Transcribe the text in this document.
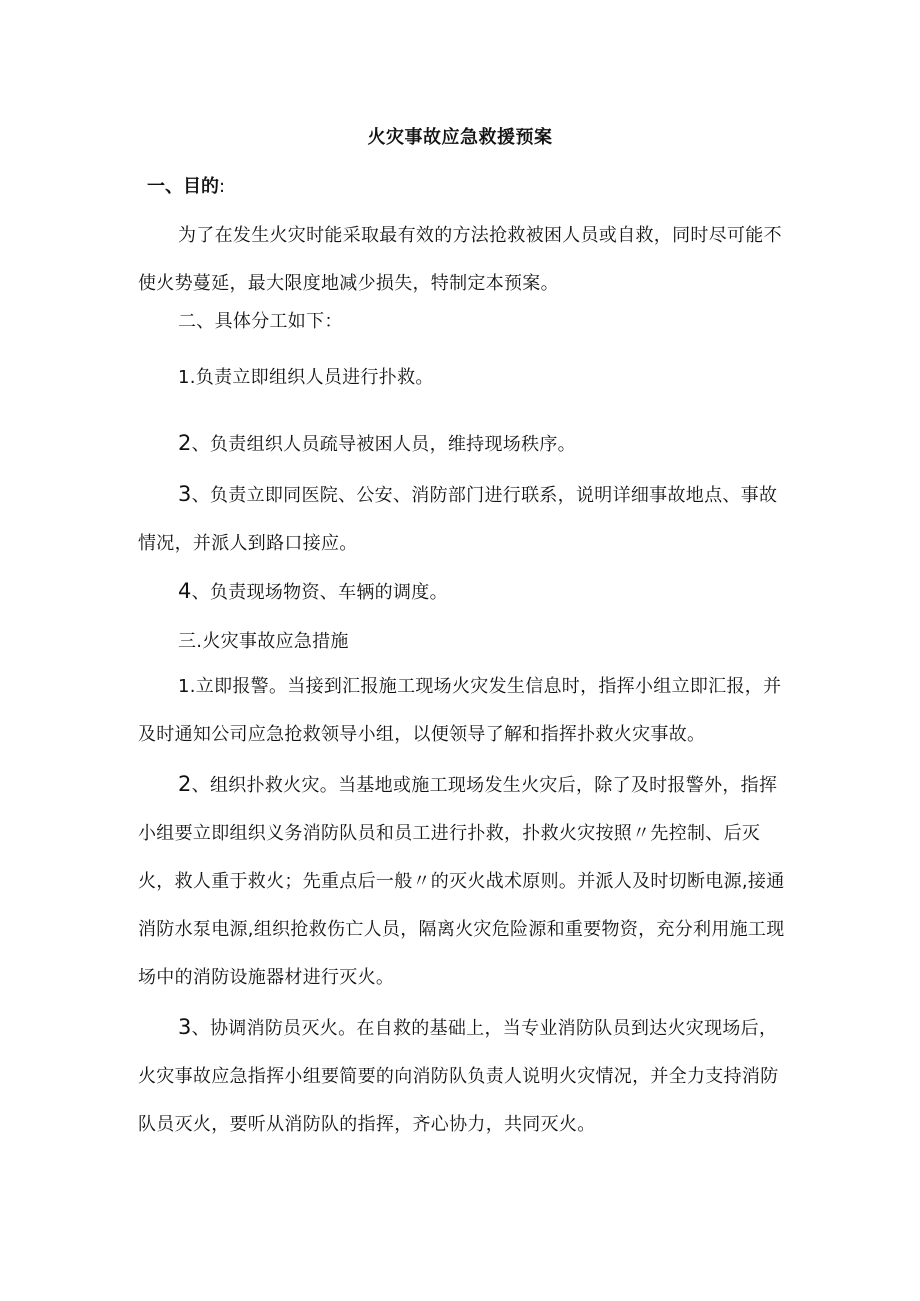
火灾事故应急救援预案
一、目的:
为了在发生火灾时能采取最有效的方法抢救被困人员或自救，同时尽可能不使火势蔓延，最大限度地减少损失，特制定本预案。
二、具体分工如下：
1.负责立即组织人员进行扑救。
2、负责组织人员疏导被困人员，维持现场秩序。
3、负责立即同医院、公安、消防部门进行联系，说明详细事故地点、事故情况，并派人到路口接应。
4、负责现场物资、车辆的调度。
三.火灾事故应急措施
1.立即报警。当接到汇报施工现场火灾发生信息时，指挥小组立即汇报，并及时通知公司应急抢救领导小组，以便领导了解和指挥扑救火灾事故。
2、组织扑救火灾。当基地或施工现场发生火灾后，除了及时报警外，指挥小组要立即组织义务消防队员和员工进行扑救，扑救火灾按照〃先控制、后灭火，救人重于救火；先重点后一般〃的灭火战术原则。并派人及时切断电源,接通消防水泵电源,组织抢救伤亡人员，隔离火灾危险源和重要物资，充分利用施工现场中的消防设施器材进行灭火。
3、协调消防员灭火。在自救的基础上，当专业消防队员到达火灾现场后，火灾事故应急指挥小组要简要的向消防队负责人说明火灾情况，并全力支持消防队员灭火，要听从消防队的指挥，齐心协力，共同灭火。
